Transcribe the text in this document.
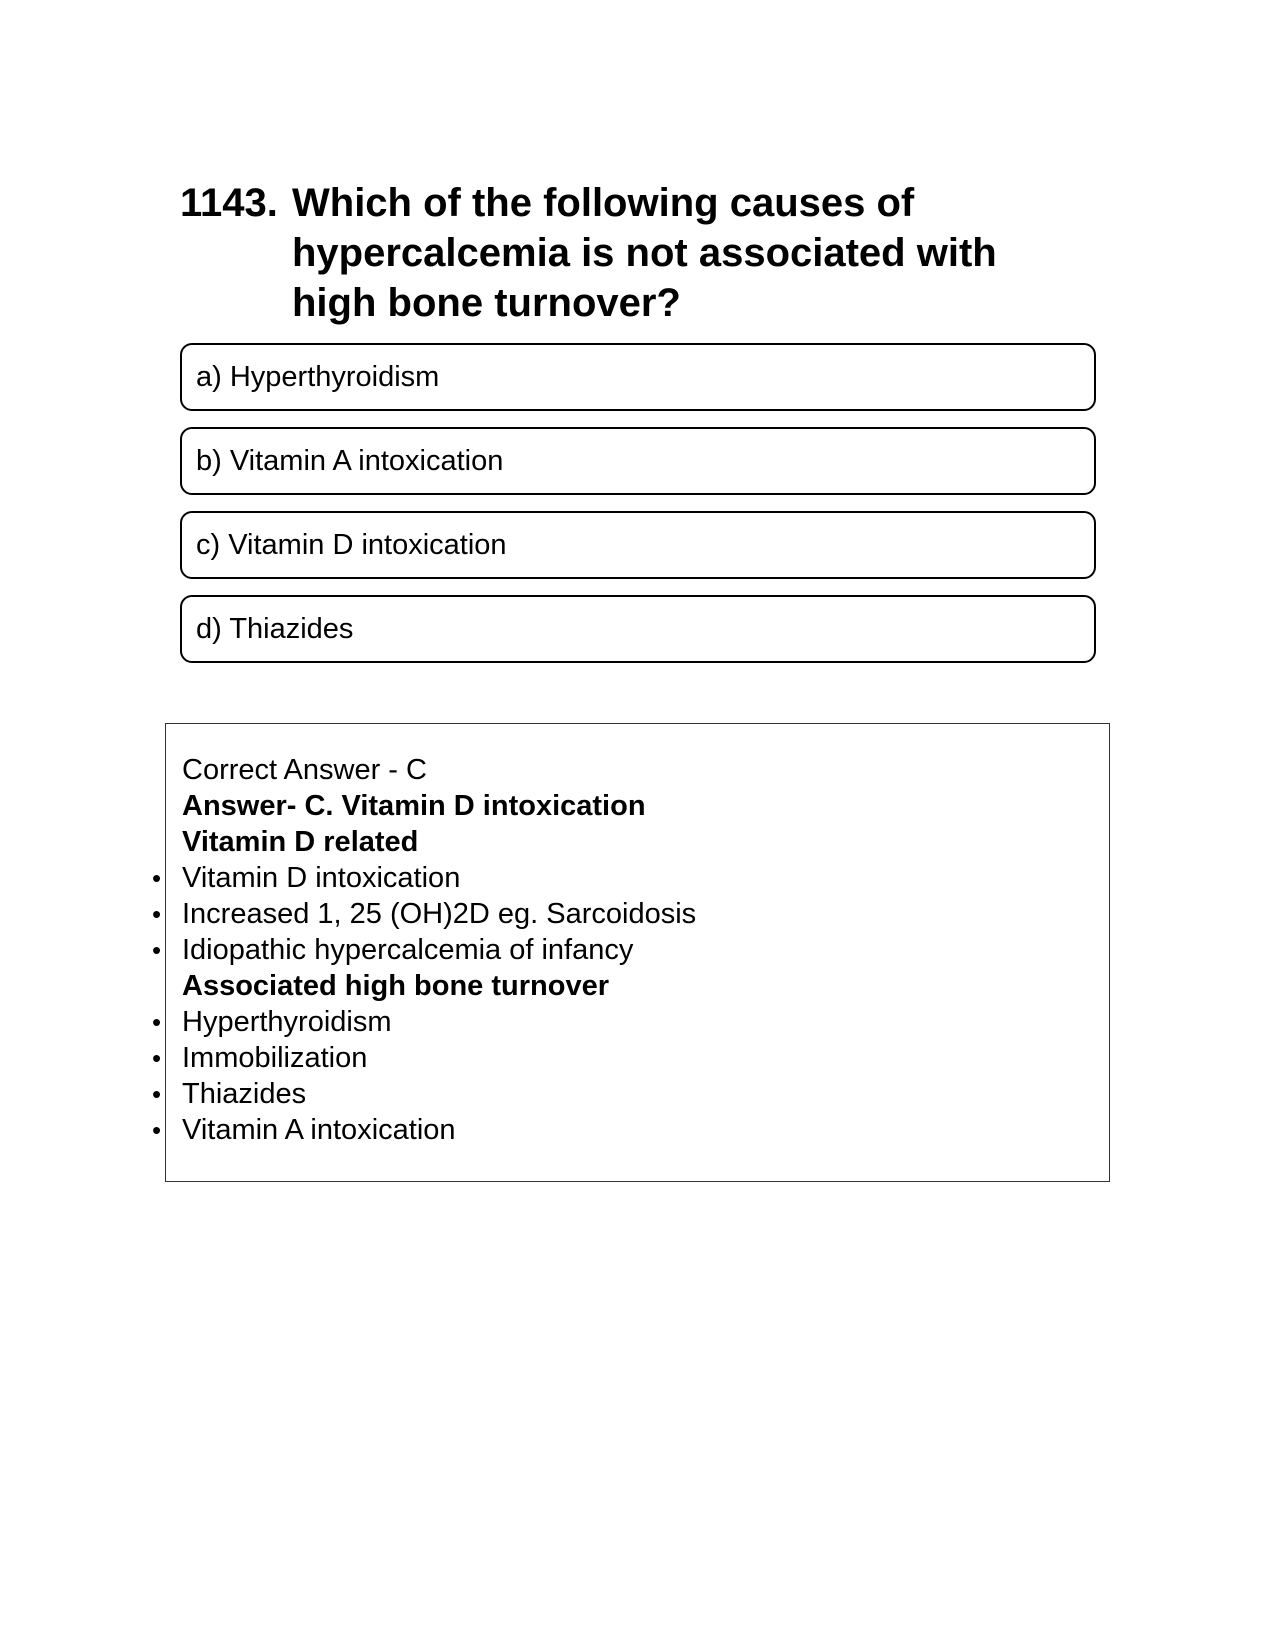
1143. Which of the following causes of hypercalcemia is not associated with high bone turnover?
a) Hyperthyroidism
b) Vitamin A intoxication
c) Vitamin D intoxication
d) Thiazides
Correct Answer - C
Answer- C. Vitamin D intoxication
Vitamin D related
• Vitamin D intoxication
• Increased 1, 25 (OH)2D eg. Sarcoidosis
• Idiopathic hypercalcemia of infancy
Associated high bone turnover
• Hyperthyroidism
• Immobilization
• Thiazides
• Vitamin A intoxication
